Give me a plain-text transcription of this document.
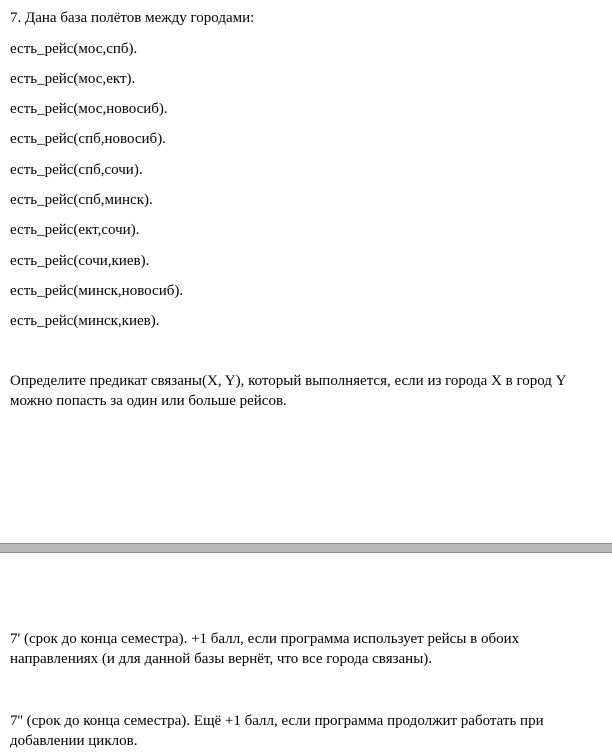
7. Дана база полётов между городами:
есть_рейс(мос,спб).
есть_рейс(мос,ект).
есть_рейс(мос,новосиб).
есть_рейс(спб,новосиб).
есть_рейс(спб,сочи).
есть_рейс(спб,минск).
есть_рейс(ект,сочи).
есть_рейс(сочи,киев).
есть_рейс(минск,новосиб).
есть_рейс(минск,киев).
Определите предикат связаны(X, Y), который выполняется, если из города X в город Y можно попасть за один или больше рейсов.
7' (срок до конца семестра). +1 балл, если программа использует рейсы в обоих направлениях (и для данной базы вернёт, что все города связаны).
7'' (срок до конца семестра). Ещё +1 балл, если программа продолжит работать при добавлении циклов.
